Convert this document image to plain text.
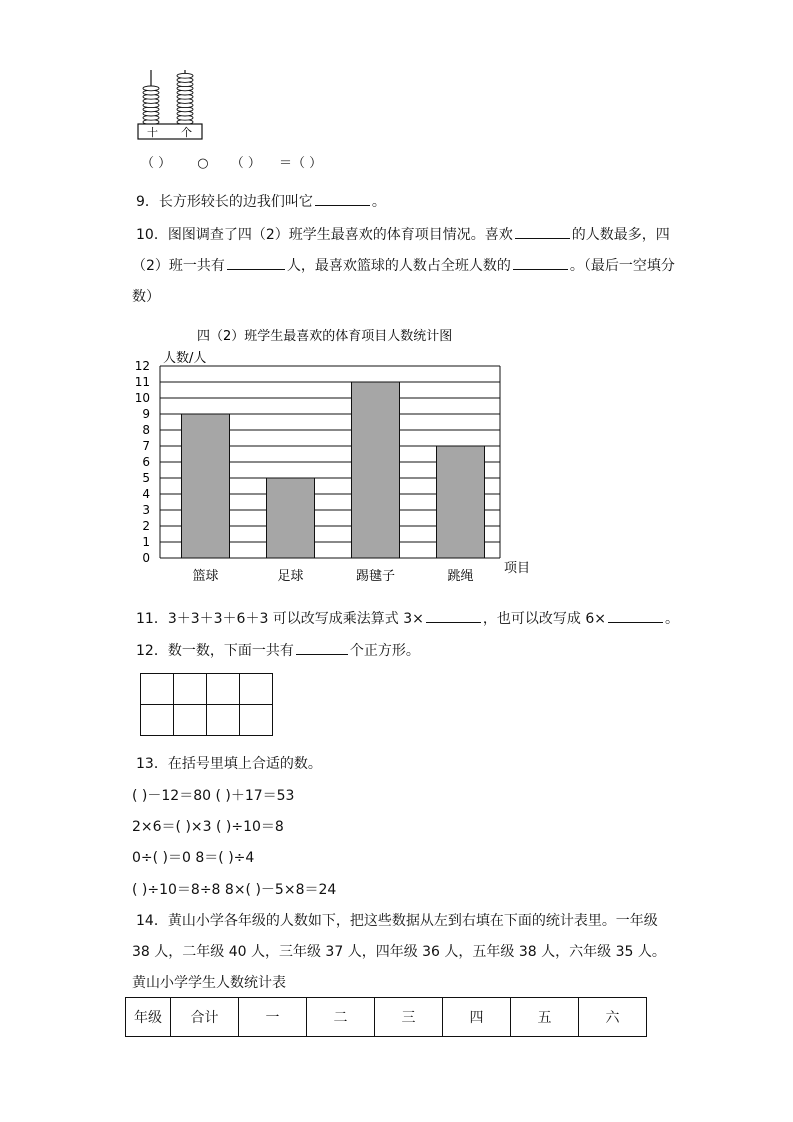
十 个
（ ） ○ （ ） ＝（ ）
9．长方形较长的边我们叫它	。
10．图图调查了四（2）班学生最喜欢的体育项目情况。喜欢	的人数最多，四
（2）班一共有	人，最喜欢篮球的人数占全班人数的	。（最后一空填分
数）
四（2）班学生最喜欢的体育项目人数统计图
人数/人
项目
0
1
2
3
4
5
6
7
8
9
10
11
12
篮球	足球	踢毽子	跳绳
11．3＋3＋3＋6＋3 可以改写成乘法算式 3×	，也可以改写成 6×	。
12．数一数，下面一共有	个正方形。

13．在括号里填上合适的数。
( )－12＝80 ( )＋17＝53
2×6＝( )×3 ( )÷10＝8
0÷( )＝0 8＝( )÷4
( )÷10＝8÷8 8×( )－5×8＝24
14．黄山小学各年级的人数如下，把这些数据从左到右填在下面的统计表里。一年级
38 人，二年级 40 人，三年级 37 人，四年级 36 人，五年级 38 人，六年级 35 人。
黄山小学学生人数统计表
年级	合计	一	二	三	四	五	六
